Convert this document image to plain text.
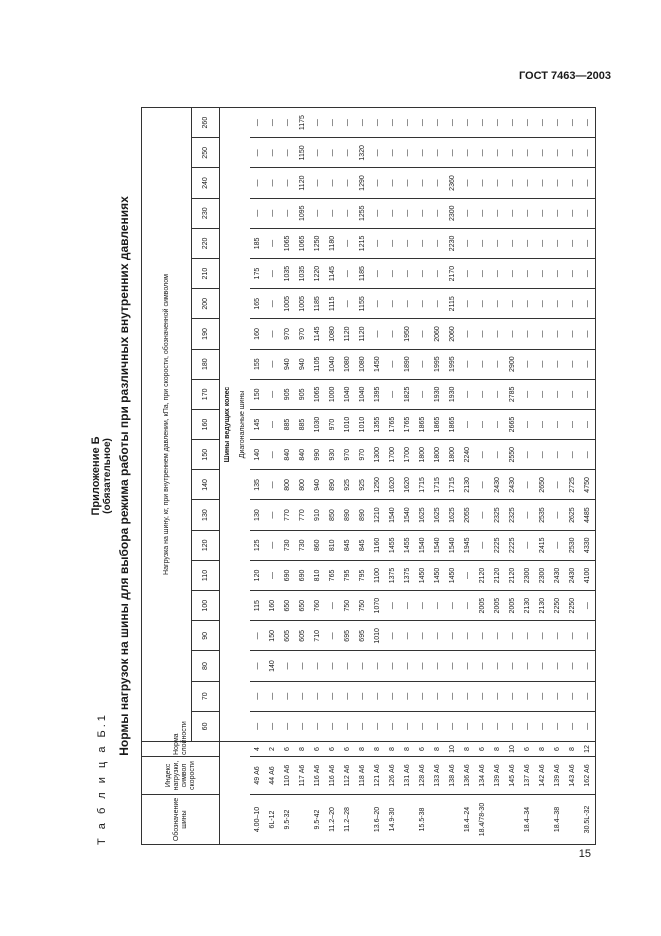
ГОСТ 7463—2003
Приложение Б (обязательное)
Т а б л и ц а Б.1
Нормы нагрузок на шины для выбора режима работы при различных внутренних давлениях
Обозначение шины	Индекс нагрузки, символ скорости	Норма слойности	Нагрузка на шину, кг, при внутреннем давлении, кПа, при скорости, обозначенной символом																				
			60	70	80	90	100	110	120	130	140	150	160	170	180	190	200	210	220	230	240	250	260
			Шины ведущих колес																				
			Диагональные шины																				
4.00–10	49 А6	4	—	—	—	—	115	120	125	130	135	140	145	150	155	160	165	175	185	—	—	—	—
6L-12	44 А6	2	—	—	140	150	160	—	—	—	—	—	—	—	—	—	—	—	—	—	—	—	—
9.5-32	110 А6	6	—	—	—	605	650	690	730	770	800	840	885	905	940	970	1005	1035	1065	—	—	—	—
	117 А6	8	—	—	—	605	650	690	730	770	800	840	885	905	940	970	1005	1035	1065	1095	1120	1150	1175
9.5-42	116 А6	6	—	—	—	710	760	810	860	910	940	990	1030	1065	1105	1145	1185	1220	1250	—	—	—	—
11.2–20	116 А6	6	—	—	—	—	—	765	810	850	890	930	970	1000	1040	1080	1115	1145	1180	—	—	—	—
11.2–28	112 А6	6	—	—	—	695	750	795	845	890	925	970	1010	1040	1080	1120	—	—	—	—	—	—	—
	118 А6	8	—	—	—	695	750	795	845	890	925	970	1010	1040	1080	1120	1155	1185	1215	1255	1290	1320	—
13.6–20	121 А6	8	—	—	—	1010	1070	1100	1160	1210	1250	1300	1355	1395	1450	—	—	—	—	—	—	—	—
14.9-30	126 А6	8	—	—	—	—	—	1375	1455	1540	1620	1700	1765	—	—	—	—	—	—	—	—	—	—
	131 А6	8	—	—	—	—	—	1375	1455	1540	1620	1700	1765	1825	1890	1950	—	—	—	—	—	—	—
15.5-38	128 А6	6	—	—	—	—	—	1450	1540	1625	1715	1800	1865	—	—	—	—	—	—	—	—	—	—
	133 А6	8	—	—	—	—	—	1450	1540	1625	1715	1800	1865	1930	1995	2060	—	—	—	—	—	—	—
	138 А6	10	—	—	—	—	—	1450	1540	1625	1715	1800	1865	1930	1995	2060	2115	2170	2230	2300	2360	—	—
18.4–24	136 А6	8	—	—	—	—	—	—	1945	2055	2130	2240	—	—	—	—	—	—	—	—	—	—	—
18.4/78-30	134 А6	6	—	—	—	—	2005	2120	—	—	—	—	—	—	—	—	—	—	—	—	—	—	—
	139 А6	8	—	—	—	—	2005	2120	2225	2325	2430	—	—	—	—	—	—	—	—	—	—	—	—
	145 А6	10	—	—	—	—	2005	2120	2225	2325	2430	2550	2665	2785	2900	—	—	—	—	—	—	—	—
18.4–34	137 А6	6	—	—	—	—	2130	2300	—	—	—	—	—	—	—	—	—	—	—	—	—	—	—
	142 А6	8	—	—	—	—	2130	2300	2415	2535	2650	—	—	—	—	—	—	—	—	—	—	—	—
18.4–38	139 А6	6	—	—	—	—	2250	2430	—	—	—	—	—	—	—	—	—	—	—	—	—	—	—
	143 А6	8	—	—	—	—	2250	2430	2530	2625	2725	—	—	—	—	—	—	—	—	—	—	—	—
30.5L-32	162 А6	12	—	—	—	—	—	4100	4330	4485	4750	—	—	—	—	—	—	—	—	—	—	—	—
15
